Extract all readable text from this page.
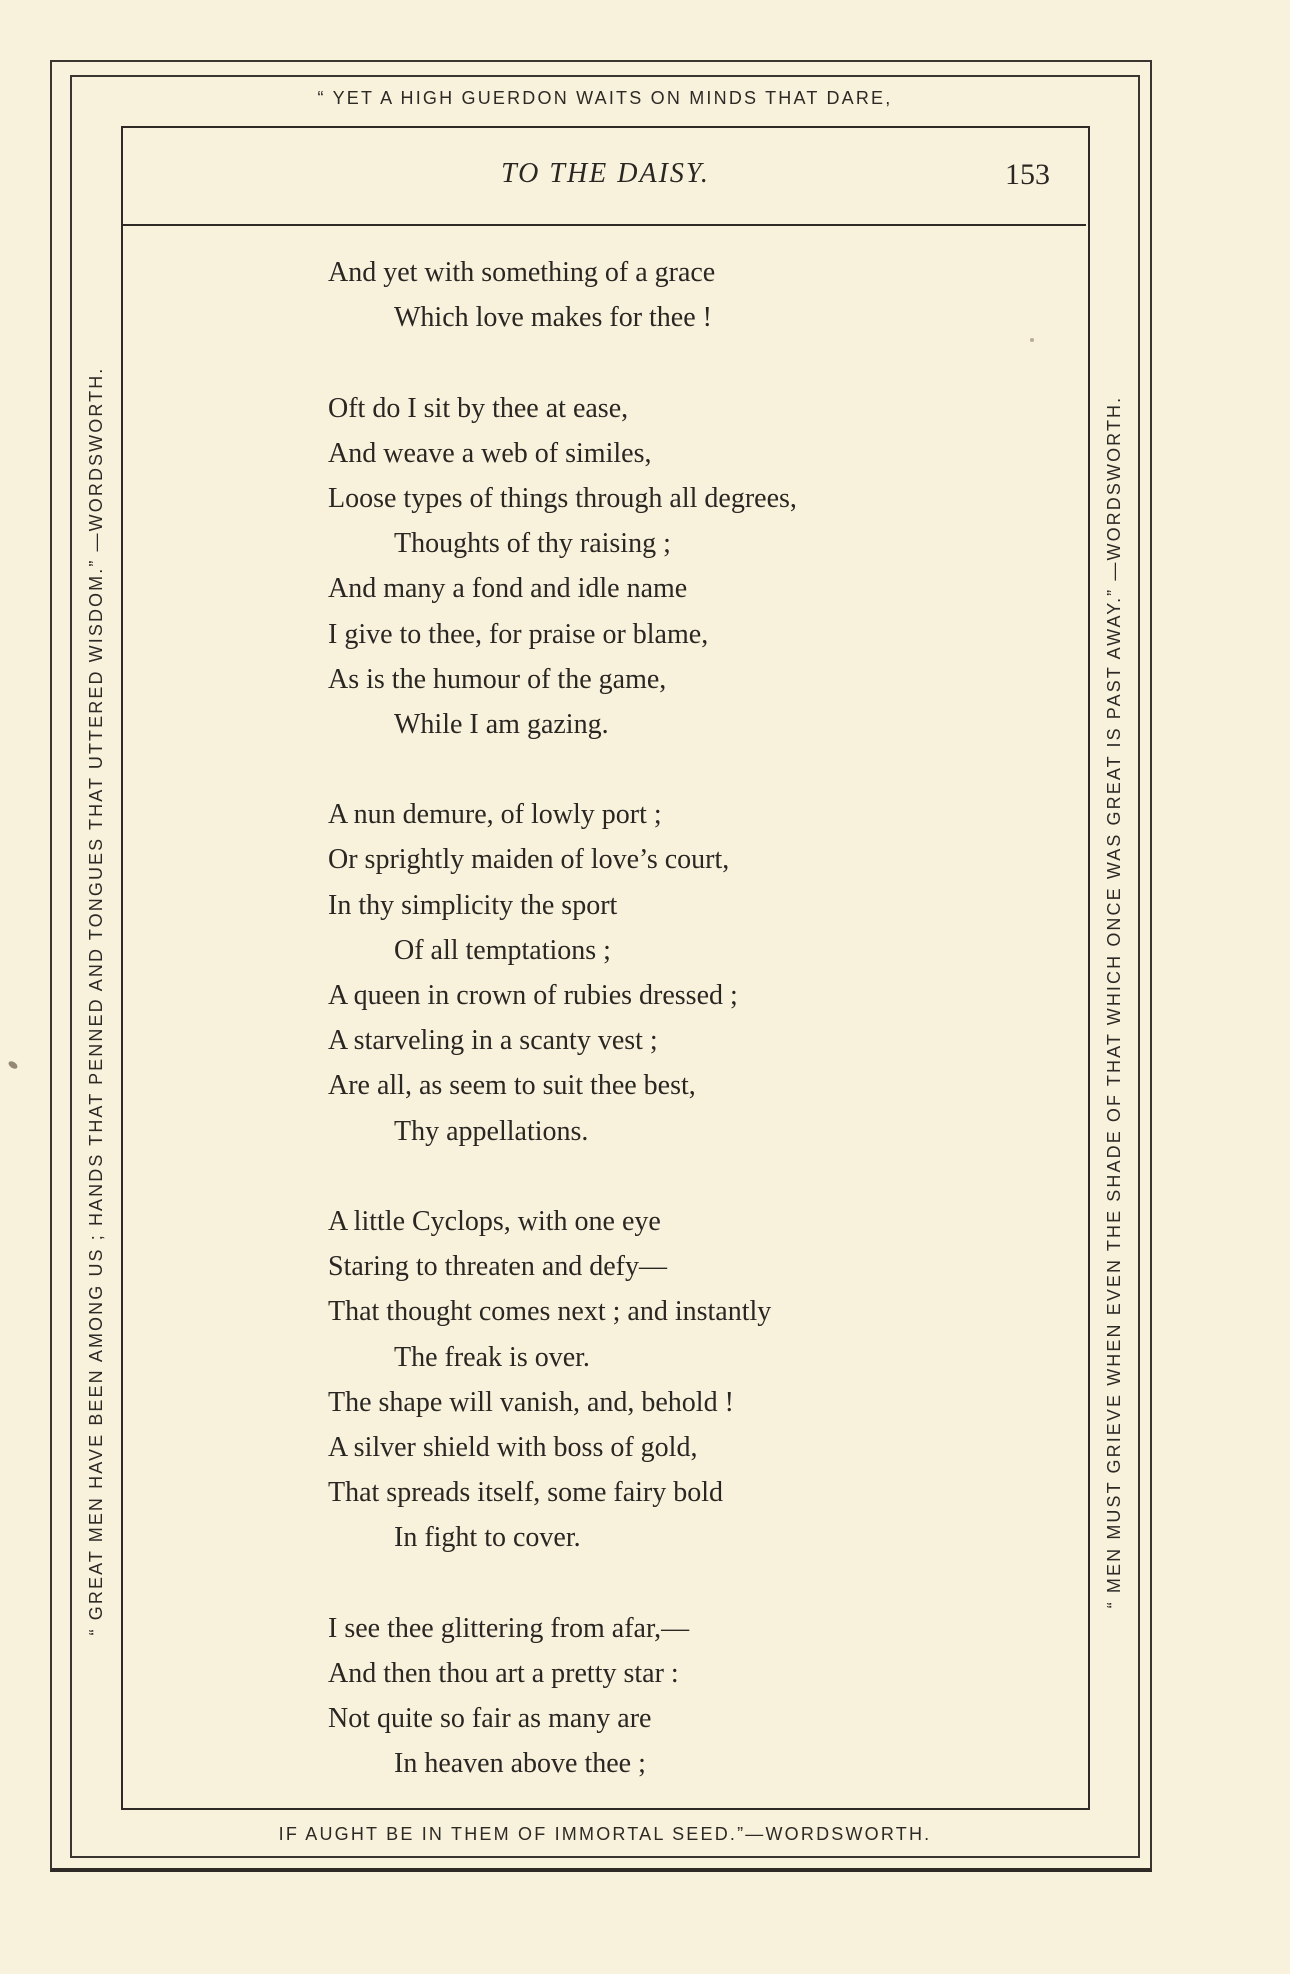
“ YET A HIGH GUERDON WAITS ON MINDS THAT DARE,
IF AUGHT BE IN THEM OF IMMORTAL SEED.”—WORDSWORTH.
“ GREAT MEN HAVE BEEN AMONG US ; HANDS THAT PENNED AND TONGUES THAT UTTERED WISDOM.” —WORDSWORTH.	“ MEN MUST GRIEVE WHEN EVEN THE SHADE OF THAT WHICH ONCE WAS GREAT IS PAST AWAY.” —WORDSWORTH.
TO THE DAISY.	153
And yet with something of a grace
Which love makes for thee !
Oft do I sit by thee at ease,
And weave a web of similes,
Loose types of things through all degrees,
Thoughts of thy raising ;
And many a fond and idle name
I give to thee, for praise or blame,
As is the humour of the game,
While I am gazing.
A nun demure, of lowly port ;
Or sprightly maiden of love’s court,
In thy simplicity the sport
Of all temptations ;
A queen in crown of rubies dressed ;
A starveling in a scanty vest ;
Are all, as seem to suit thee best,
Thy appellations.
A little Cyclops, with one eye
Staring to threaten and defy—
That thought comes next ; and instantly
The freak is over.
The shape will vanish, and, behold !
A silver shield with boss of gold,
That spreads itself, some fairy bold
In fight to cover.
I see thee glittering from afar,—
And then thou art a pretty star :
Not quite so fair as many are
In heaven above thee ;
